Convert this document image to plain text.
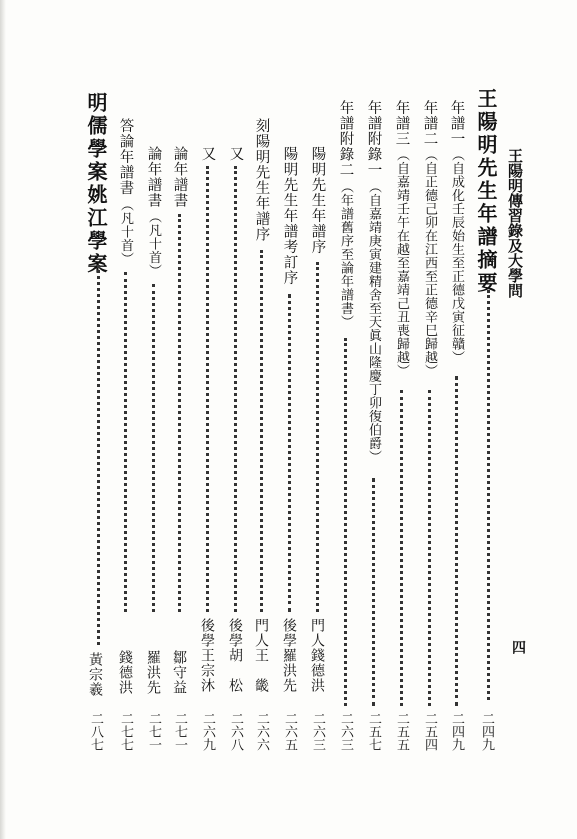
王陽明傳習錄及大學問
四
王陽明先生年譜摘要
二四九
年譜一
（自成化壬辰始生至正德戊寅征贛）
二四九
年譜二
（自正德己卯在江西至正德辛巳歸越）
二五四
年譜三
（自嘉靖壬午在越至嘉靖己丑喪歸越）
二五五
年譜附錄一
（自嘉靖庚寅建精舍至天眞山隆慶丁卯復伯爵）
二五七
年譜附錄二
（年譜舊序至論年譜書）
二六三
陽明先生年譜序
門人錢德洪
二六三
陽明先生年譜考訂序
後學羅洪先
二六五
刻陽明先生年譜序
門人王　畿
二六六
又
後學胡　松
二六八
又
後學王宗沐
二六九
論年譜書
鄒守益
二七一
論年譜書
（凡十首）
羅洪先
二七一
答論年譜書
（凡十首）
錢德洪
二七七
明儒學案姚江學案
黃宗羲
二八七
